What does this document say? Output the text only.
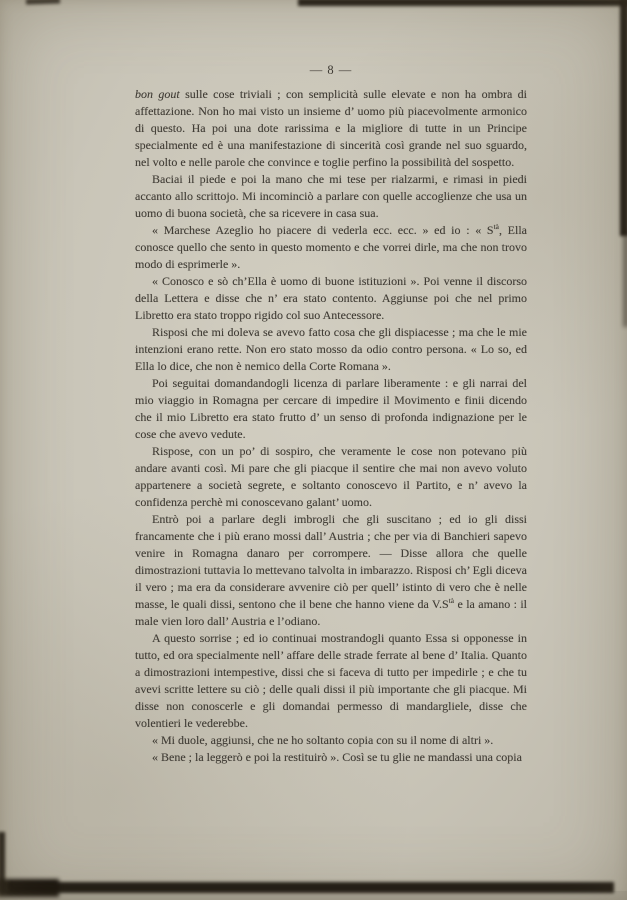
— 8 —

bon gout sulle cose triviali ; con semplicità sulle elevate e non ha ombra di affettazione. Non ho mai visto un insieme d’ uomo più piacevolmente armonico di questo. Ha poi una dote rarissima e la migliore di tutte in un Principe specialmente ed è una manifestazione di sincerità così grande nel suo sguardo, nel volto e nelle parole che convince e toglie perfino la possibilità del sospetto.

Baciai il piede e poi la mano che mi tese per rialzarmi, e rimasi in piedi accanto allo scrittojo. Mi incominciò a parlare con quelle accoglienze che usa un uomo di buona società, che sa ricevere in casa sua.

« Marchese Azeglio ho piacere di vederla ecc. ecc. » ed io : « $S^{tà}$, Ella conosce quello che sento in questo momento e che vorrei dirle, ma che non trovo modo di esprimerle ».

« Conosco e sò ch’Ella è uomo di buone istituzioni ». Poi venne il discorso della Lettera e disse che n’ era stato contento. Aggiunse poi che nel primo Libretto era stato troppo rigido col suo Antecessore.

Risposi che mi doleva se avevo fatto cosa che gli dispiacesse ; ma che le mie intenzioni erano rette. Non ero stato mosso da odio contro persona. « Lo so, ed Ella lo dice, che non è nemico della Corte Romana ».

Poi seguitai domandandogli licenza di parlare liberamente : e gli narrai del mio viaggio in Romagna per cercare di impedire il Movimento e finii dicendo che il mio Libretto era stato frutto d’ un senso di profonda indignazione per le cose che avevo vedute.

Rispose, con un po’ di sospiro, che veramente le cose non potevano più andare avanti così. Mi pare che gli piacque il sentire che mai non avevo voluto appartenere a società segrete, e soltanto conoscevo il Partito, e n’ avevo la confidenza perchè mi conoscevano galant’ uomo.

Entrò poi a parlare degli imbrogli che gli suscitano ; ed io gli dissi francamente che i più erano mossi dall’ Austria ; che per via di Banchieri sapevo venire in Romagna danaro per corrompere. — Disse allora che quelle dimostrazioni tuttavia lo mettevano talvolta in imbarazzo. Risposi ch’ Egli diceva il vero ; ma era da considerare avvenire ciò per quell’ istinto di vero che è nelle masse, le quali dissi, sentono che il bene che hanno viene da $V.S^{tà}$ e la amano : il male vien loro dall’ Austria e l’odiano.

A questo sorrise ; ed io continuai mostrandogli quanto Essa si opponesse in tutto, ed ora specialmente nell’ affare delle strade ferrate al bene d’ Italia. Quanto a dimostrazioni intempestive, dissi che si faceva di tutto per impedirle ; e che tu avevi scritte lettere su ciò ; delle quali dissi il più importante che gli piacque. Mi disse non conoscerle e gli domandai permesso di mandargliele, disse che volentieri le vederebbe.

« Mi duole, aggiunsi, che ne ho soltanto copia con su il nome di altri ».

« Bene ; la leggerò e poi la restituirò ». Così se tu glie ne mandassi una copia
